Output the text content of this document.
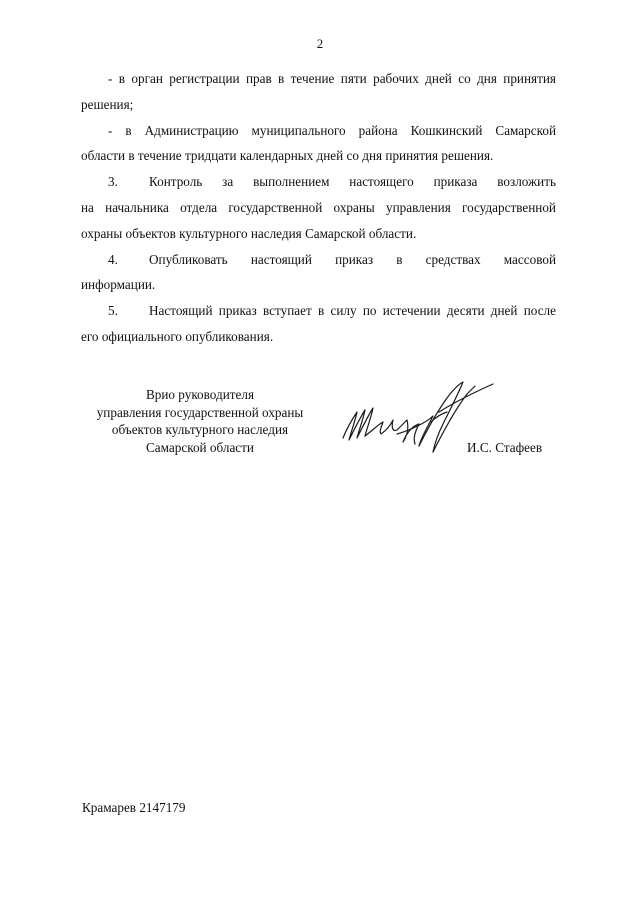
2
- в орган регистрации прав в течение пяти рабочих дней со дня принятия
решения;
- в Администрацию муниципального района Кошкинский Самарской
области в течение тридцати календарных дней со дня принятия решения.
3.	Контроль за выполнением настоящего приказа возложить
на начальника отдела государственной охраны управления государственной
охраны объектов культурного наследия Самарской области.
4.	Опубликовать настоящий приказ в средствах массовой
информации.
5.	Настоящий приказ вступает в силу по истечении десяти дней после
его официального опубликования.
Врио руководителя
управления государственной охраны
объектов культурного наследия
Самарской области	И.С. Стафеев
Крамарев 2147179
